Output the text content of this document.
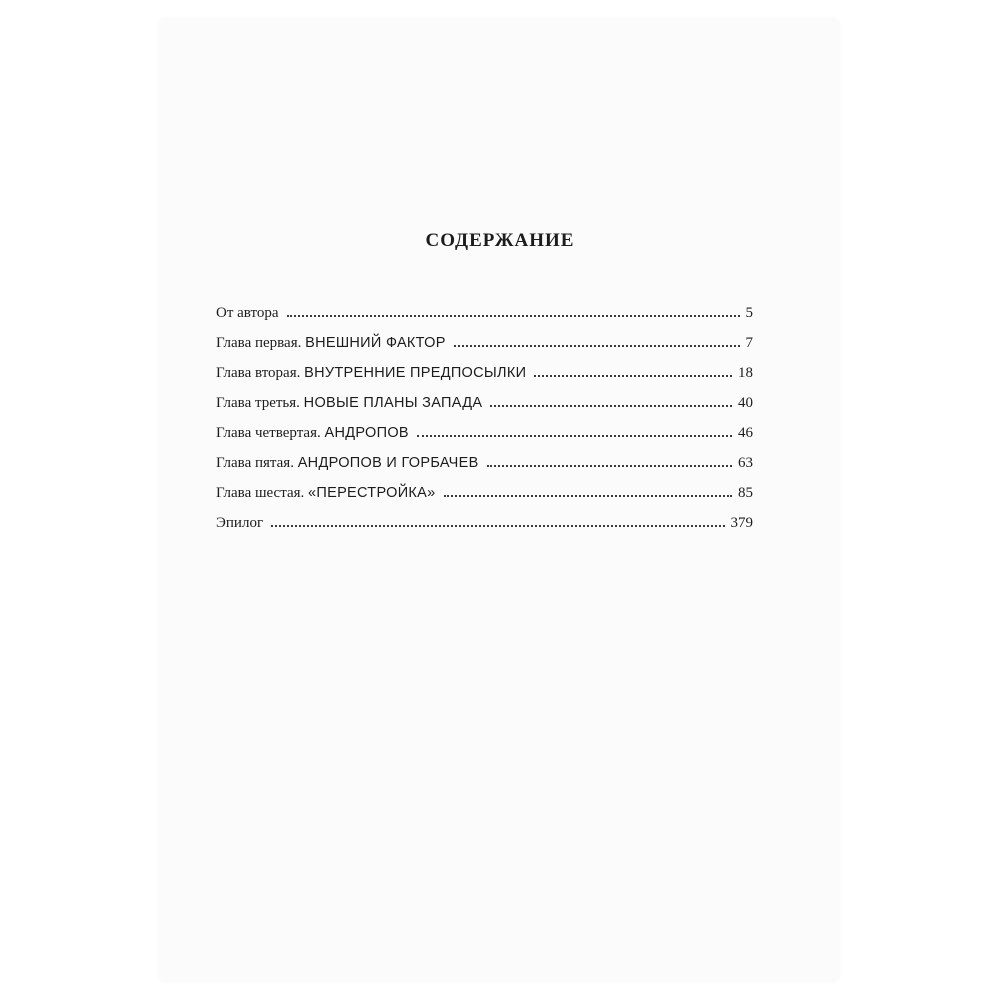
СОДЕРЖАНИЕ
От автора	5
Глава первая. ВНЕШНИЙ ФАКТОР	7
Глава вторая. ВНУТРЕННИЕ ПРЕДПОСЫЛКИ	18
Глава третья. НОВЫЕ ПЛАНЫ ЗАПАДА	40
Глава четвертая. АНДРОПОВ	46
Глава пятая. АНДРОПОВ И ГОРБАЧЕВ	63
Глава шестая. «ПЕРЕСТРОЙКА»	85
Эпилог	379
